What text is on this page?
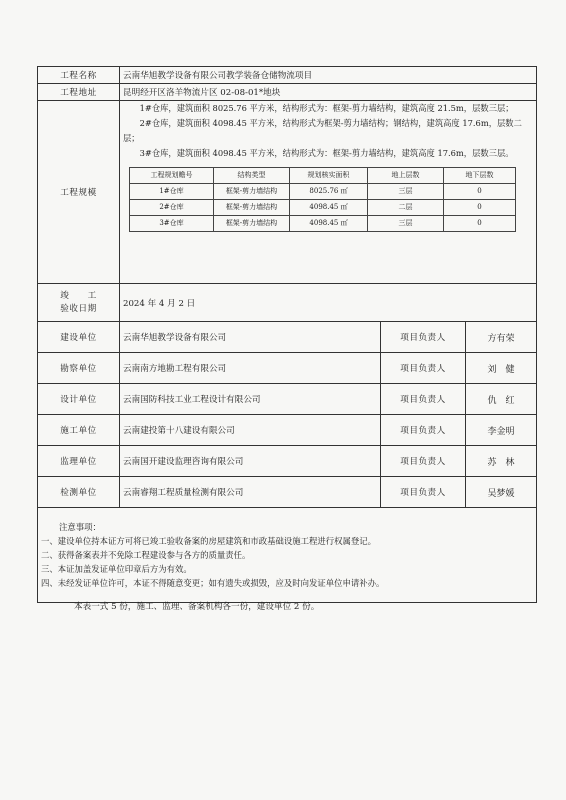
工程名称	云南华旭教学设备有限公司教学装备仓储物流项目
工程地址	昆明经开区洛羊物流片区 02-08-01*地块
工程规模	

1#仓库，建筑面积 8025.76 平方米，结构形式为：框架-剪力墙结构，建筑高度 21.5m，层数三层；

2#仓库，建筑面积 4098.45 平方米，结构形式为框架-剪力墙结构；钢结构，建筑高度 17.6m，层数二层；

3#仓库，建筑面积 4098.45 平方米，结构形式为：框架-剪力墙结构，建筑高度 17.6m，层数三层。

工程规划赡号	结构类型	规划核实面积	地上层数	地下层数
1#仓库	框架-剪力墙结构	8025.76 ㎡	三层	0
2#仓库	框架-剪力墙结构	4098.45 ㎡	二层	0
3#仓库	框架-剪力墙结构	4098.45 ㎡	三层	0

竣　　工
验收日期	2024 年 4 月 2 日
建设单位	云南华旭教学设备有限公司	项目负责人	方有荣
勘察单位	云南南方地勘工程有限公司	项目负责人	刘　健
设计单位	云南国防科技工业工程设计有限公司	项目负责人	仇　红
施工单位	云南建投第十八建设有限公司	项目负责人	李金明
监理单位	云南国开建设监理咨询有限公司	项目负责人	苏　林
检测单位	云南睿翔工程质量检测有限公司	项目负责人	吴梦媛

注意事项：
一、建设单位持本证方可将已竣工验收备案的房屋建筑和市政基础设施工程进行权属登记。
二、获得备案表并不免除工程建设参与各方的质量责任。
三、本证加盖发证单位印章后方为有效。
四、未经发证单位许可，本证不得随意变更；如有遗失或损毁，应及时向发证单位申请补办。
本表一式 5 份，施工、监理、备案机构各一份，建设单位 2 份。
